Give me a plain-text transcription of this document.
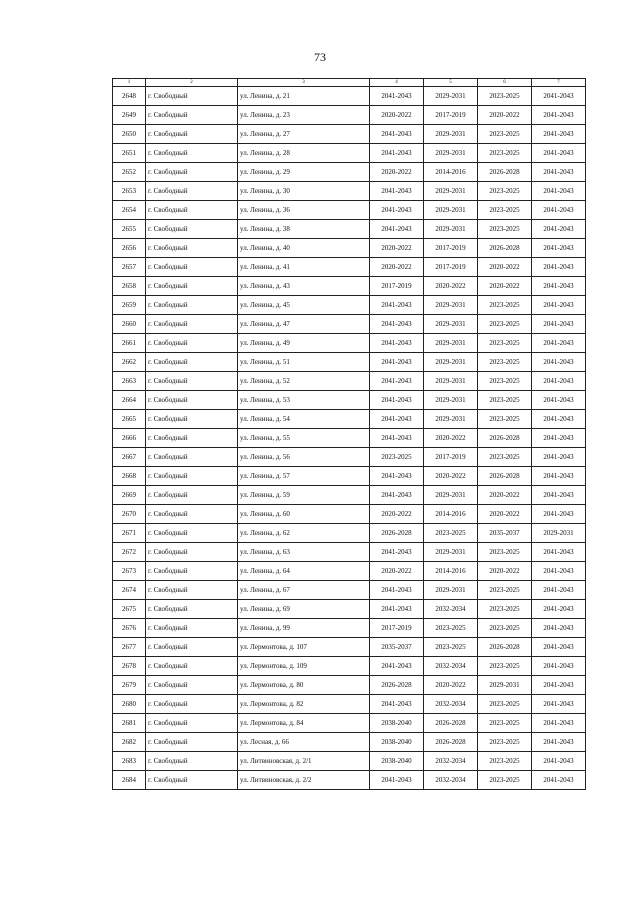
73
1	2	3	4	5	6	7
2648	г. Свободный	ул. Ленина, д. 21	2041-2043	2029-2031	2023-2025	2041-2043
2649	г. Свободный	ул. Ленина, д. 23	2020-2022	2017-2019	2020-2022	2041-2043
2650	г. Свободный	ул. Ленина, д. 27	2041-2043	2029-2031	2023-2025	2041-2043
2651	г. Свободный	ул. Ленина, д. 28	2041-2043	2029-2031	2023-2025	2041-2043
2652	г. Свободный	ул. Ленина, д. 29	2020-2022	2014-2016	2026-2028	2041-2043
2653	г. Свободный	ул. Ленина, д. 30	2041-2043	2029-2031	2023-2025	2041-2043
2654	г. Свободный	ул. Ленина, д. 36	2041-2043	2029-2031	2023-2025	2041-2043
2655	г. Свободный	ул. Ленина, д. 38	2041-2043	2029-2031	2023-2025	2041-2043
2656	г. Свободный	ул. Ленина, д. 40	2020-2022	2017-2019	2026-2028	2041-2043
2657	г. Свободный	ул. Ленина, д. 41	2020-2022	2017-2019	2020-2022	2041-2043
2658	г. Свободный	ул. Ленина, д. 43	2017-2019	2020-2022	2020-2022	2041-2043
2659	г. Свободный	ул. Ленина, д. 45	2041-2043	2029-2031	2023-2025	2041-2043
2660	г. Свободный	ул. Ленина, д. 47	2041-2043	2029-2031	2023-2025	2041-2043
2661	г. Свободный	ул. Ленина, д. 49	2041-2043	2029-2031	2023-2025	2041-2043
2662	г. Свободный	ул. Ленина, д. 51	2041-2043	2029-2031	2023-2025	2041-2043
2663	г. Свободный	ул. Ленина, д. 52	2041-2043	2029-2031	2023-2025	2041-2043
2664	г. Свободный	ул. Ленина, д. 53	2041-2043	2029-2031	2023-2025	2041-2043
2665	г. Свободный	ул. Ленина, д. 54	2041-2043	2029-2031	2023-2025	2041-2043
2666	г. Свободный	ул. Ленина, д. 55	2041-2043	2020-2022	2026-2028	2041-2043
2667	г. Свободный	ул. Ленина, д. 56	2023-2025	2017-2019	2023-2025	2041-2043
2668	г. Свободный	ул. Ленина, д. 57	2041-2043	2020-2022	2026-2028	2041-2043
2669	г. Свободный	ул. Ленина, д. 59	2041-2043	2029-2031	2020-2022	2041-2043
2670	г. Свободный	ул. Ленина, д. 60	2020-2022	2014-2016	2020-2022	2041-2043
2671	г. Свободный	ул. Ленина, д. 62	2026-2028	2023-2025	2035-2037	2029-2031
2672	г. Свободный	ул. Ленина, д. 63	2041-2043	2029-2031	2023-2025	2041-2043
2673	г. Свободный	ул. Ленина, д. 64	2020-2022	2014-2016	2020-2022	2041-2043
2674	г. Свободный	ул. Ленина, д. 67	2041-2043	2029-2031	2023-2025	2041-2043
2675	г. Свободный	ул. Ленина, д. 69	2041-2043	2032-2034	2023-2025	2041-2043
2676	г. Свободный	ул. Ленина, д. 99	2017-2019	2023-2025	2023-2025	2041-2043
2677	г. Свободный	ул. Лермонтова, д. 107	2035-2037	2023-2025	2026-2028	2041-2043
2678	г. Свободный	ул. Лермонтова, д. 109	2041-2043	2032-2034	2023-2025	2041-2043
2679	г. Свободный	ул. Лермонтова, д. 80	2026-2028	2020-2022	2029-2031	2041-2043
2680	г. Свободный	ул. Лермонтова, д. 82	2041-2043	2032-2034	2023-2025	2041-2043
2681	г. Свободный	ул. Лермонтова, д. 84	2038-2040	2026-2028	2023-2025	2041-2043
2682	г. Свободный	ул. Лесная, д. 66	2038-2040	2026-2028	2023-2025	2041-2043
2683	г. Свободный	ул. Литвиновская, д. 2/1	2038-2040	2032-2034	2023-2025	2041-2043
2684	г. Свободный	ул. Литвиновская, д. 2/2	2041-2043	2032-2034	2023-2025	2041-2043
